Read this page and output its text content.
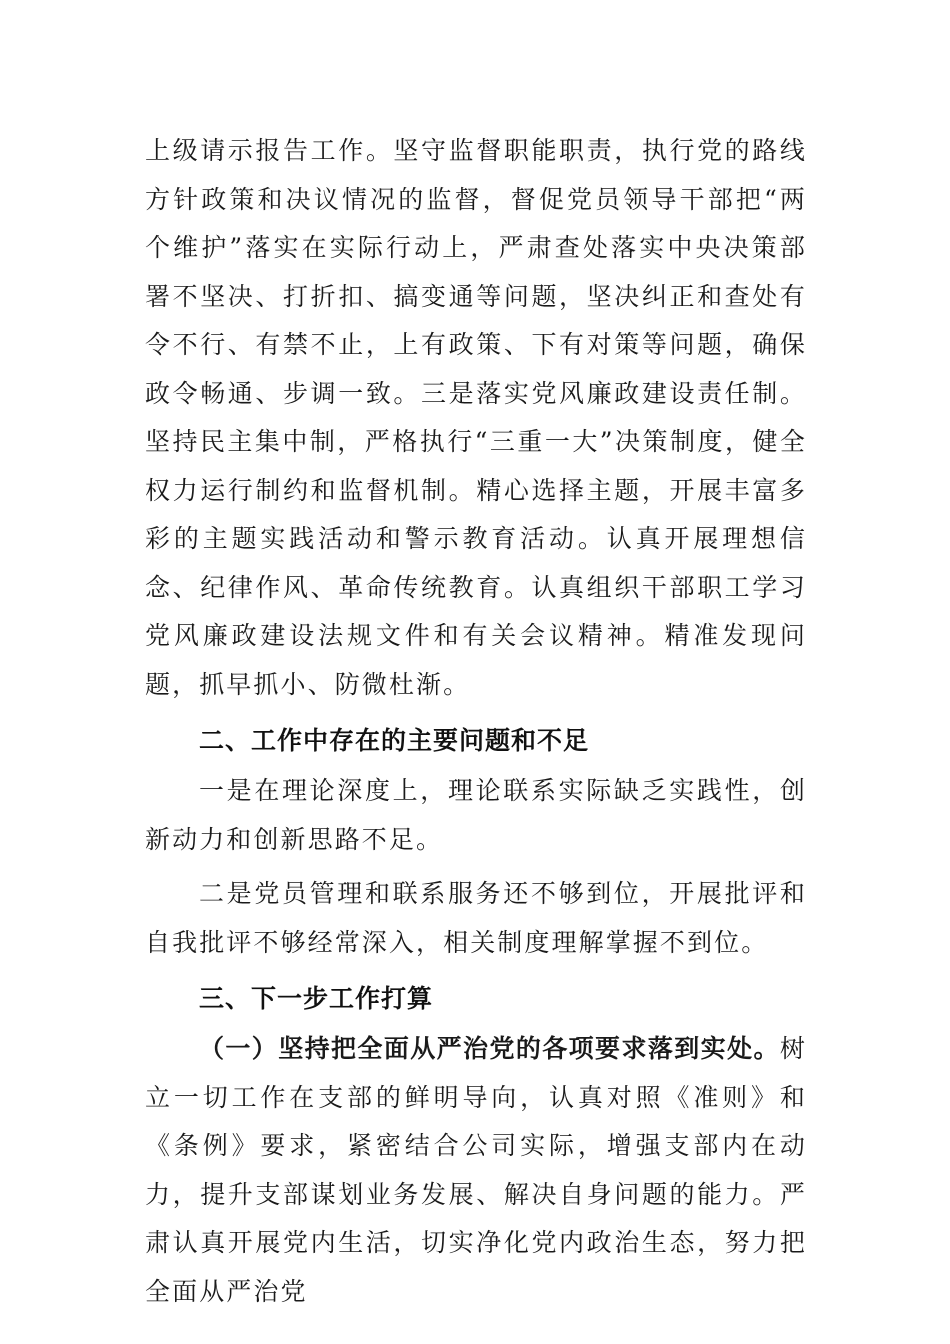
上级请示报告工作。坚守监督职能职责，执行党的路线方针政策和决议情况的监督，督促党员领导干部把“两个维护”落实在实际行动上，严肃查处落实中央决策部署不坚决、打折扣、搞变通等问题，坚决纠正和查处有令不行、有禁不止，上有政策、下有对策等问题，确保政令畅通、步调一致。三是落实党风廉政建设责任制。坚持民主集中制，严格执行“三重一大”决策制度，健全权力运行制约和监督机制。精心选择主题，开展丰富多彩的主题实践活动和警示教育活动。认真开展理想信念、纪律作风、革命传统教育。认真组织干部职工学习党风廉政建设法规文件和有关会议精神。精准发现问题，抓早抓小、防微杜渐。

二、工作中存在的主要问题和不足

一是在理论深度上，理论联系实际缺乏实践性，创新动力和创新思路不足。

二是党员管理和联系服务还不够到位，开展批评和自我批评不够经常深入，相关制度理解掌握不到位。

三、下一步工作打算

（一）坚持把全面从严治党的各项要求落到实处。树立一切工作在支部的鲜明导向，认真对照《准则》和《条例》要求，紧密结合公司实际，增强支部内在动力，提升支部谋划业务发展、解决自身问题的能力。严肃认真开展党内生活，切实净化党内政治生态，努力把全面从严治党
